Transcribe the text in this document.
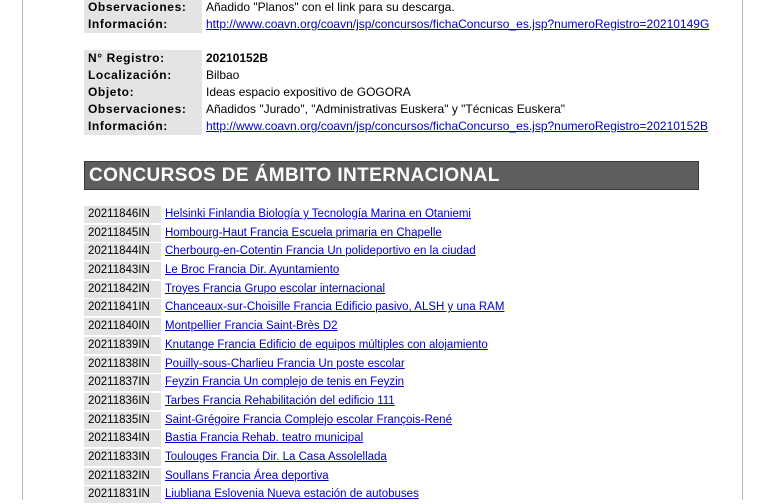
Observaciones:	Añadido "Planos" con el link para su descarga.
Información:	http://www.coavn.org/coavn/jsp/concursos/fichaConcurso_es.jsp?numeroRegistro=20210149G
N° Registro:	20210152B
Localización:	Bilbao
Objeto:	Ideas espacio expositivo de GOGORA
Observaciones:	Añadidos "Jurado", "Administrativas Euskera" y "Técnicas Euskera"
Información:	http://www.coavn.org/coavn/jsp/concursos/fichaConcurso_es.jsp?numeroRegistro=20210152B
CONCURSOS DE ÁMBITO INTERNACIONAL
20211846IN	Helsinki Finlandia Biología y Tecnología Marina en Otaniemi
20211845IN	Hombourg-Haut Francia Escuela primaria en Chapelle
20211844IN	Cherbourg-en-Cotentin Francia Un polideportivo en la ciudad
20211843IN	Le Broc Francia Dir. Ayuntamiento
20211842IN	Troyes Francia Grupo escolar internacional
20211841IN	Chanceaux-sur-Choisille Francia Edificio pasivo, ALSH y una RAM
20211840IN	Montpellier Francia Saint-Brès D2
20211839IN	Knutange Francia Edificio de equipos múltiples con alojamiento
20211838IN	Pouilly-sous-Charlieu Francia Un poste escolar
20211837IN	Feyzin Francia Un complejo de tenis en Feyzin
20211836IN	Tarbes Francia Rehabilitación del edificio 111
20211835IN	Saint-Grégoire Francia Complejo escolar François-René
20211834IN	Bastia Francia Rehab. teatro municipal
20211833IN	Toulouges Francia Dir. La Casa Assolellada
20211832IN	Soullans Francia Área deportiva
20211831IN	Liubliana Eslovenia Nueva estación de autobuses
